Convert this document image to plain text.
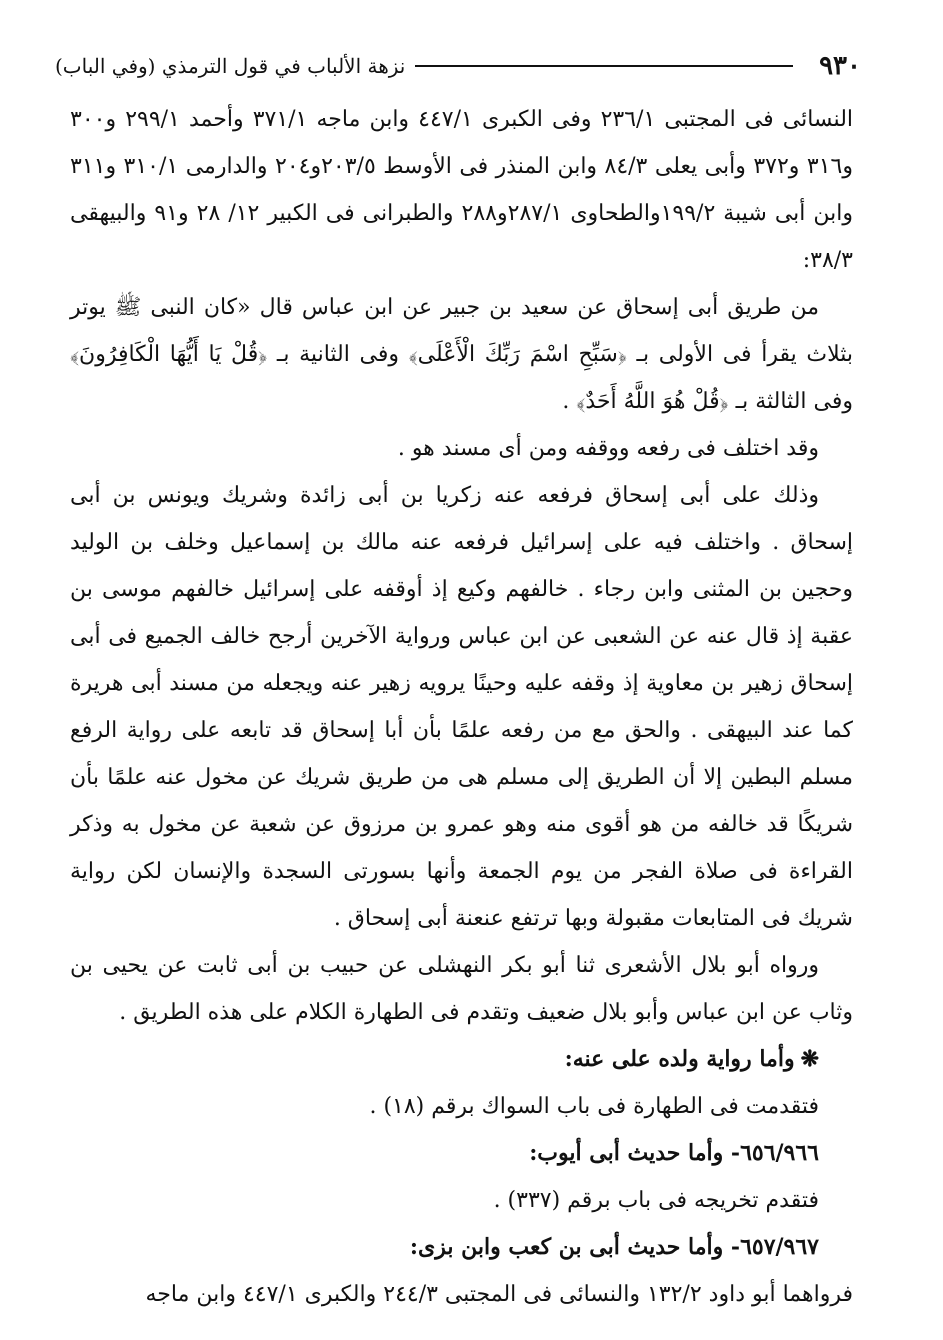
٩٣٠
نزهة الألباب في قول الترمذي (وفي الباب)

النسائى فى المجتبى ٢٣٦/١ وفى الكبرى ٤٤٧/١ وابن ماجه ٣٧١/١ وأحمد ٢٩٩/١ و٣٠٠ و٣١٦ و٣٧٢ وأبى يعلى ٨٤/٣ وابن المنذر فى الأوسط ٢٠٣/٥و٢٠٤ والدارمى ٣١٠/١ و٣١١ وابن أبى شيبة ١٩٩/٢والطحاوى ٢٨٧/١و٢٨٨ والطبرانى فى الكبير ١٢/ ٢٨ و٩١ والبيهقى ٣٨/٣:

من طريق أبى إسحاق عن سعيد بن جبير عن ابن عباس قال «كان النبى ﷺ يوتر بثلاث يقرأ فى الأولى بـ ﴿سَبِّحِ اسْمَ رَبِّكَ الْأَعْلَى﴾ وفى الثانية بـ ﴿قُلْ يَا أَيُّهَا الْكَافِرُونَ﴾ وفى الثالثة بـ ﴿قُلْ هُوَ اللَّهُ أَحَدٌ﴾ .

وقد اختلف فى رفعه ووقفه ومن أى مسند هو .

وذلك على أبى إسحاق فرفعه عنه زكريا بن أبى زائدة وشريك ويونس بن أبى إسحاق . واختلف فيه على إسرائيل فرفعه عنه مالك بن إسماعيل وخلف بن الوليد وحجين بن المثنى وابن رجاء . خالفهم وكيع إذ أوقفه على إسرائيل خالفهم موسى بن عقبة إذ قال عنه عن الشعبى عن ابن عباس ورواية الآخرين أرجح خالف الجميع فى أبى إسحاق زهير بن معاوية إذ وقفه عليه وحينًا يرويه زهير عنه ويجعله من مسند أبى هريرة كما عند البيهقى . والحق مع من رفعه علمًا بأن أبا إسحاق قد تابعه على رواية الرفع مسلم البطين إلا أن الطريق إلى مسلم هى من طريق شريك عن مخول عنه علمًا بأن شريكًا قد خالفه من هو أقوى منه وهو عمرو بن مرزوق عن شعبة عن مخول به وذكر القراءة فى صلاة الفجر من يوم الجمعة وأنها بسورتى السجدة والإنسان لكن رواية شريك فى المتابعات مقبولة وبها ترتفع عنعنة أبى إسحاق .

ورواه أبو بلال الأشعرى ثنا أبو بكر النهشلى عن حبيب بن أبى ثابت عن يحيى بن وثاب عن ابن عباس وأبو بلال ضعيف وتقدم فى الطهارة الكلام على هذه الطريق .

❋وأما رواية ولده على عنه:

فتقدمت فى الطهارة فى باب السواك برقم (١٨) .

٦٥٦/٩٦٦- وأما حديث أبى أيوب:

فتقدم تخريجه فى باب برقم (٣٣٧) .

٦٥٧/٩٦٧- وأما حديث أبى بن كعب وابن بزى:

فرواهما أبو داود ١٣٢/٢ والنسائى فى المجتبى ٢٤٤/٣ والكبرى ٤٤٧/١ وابن ماجه
